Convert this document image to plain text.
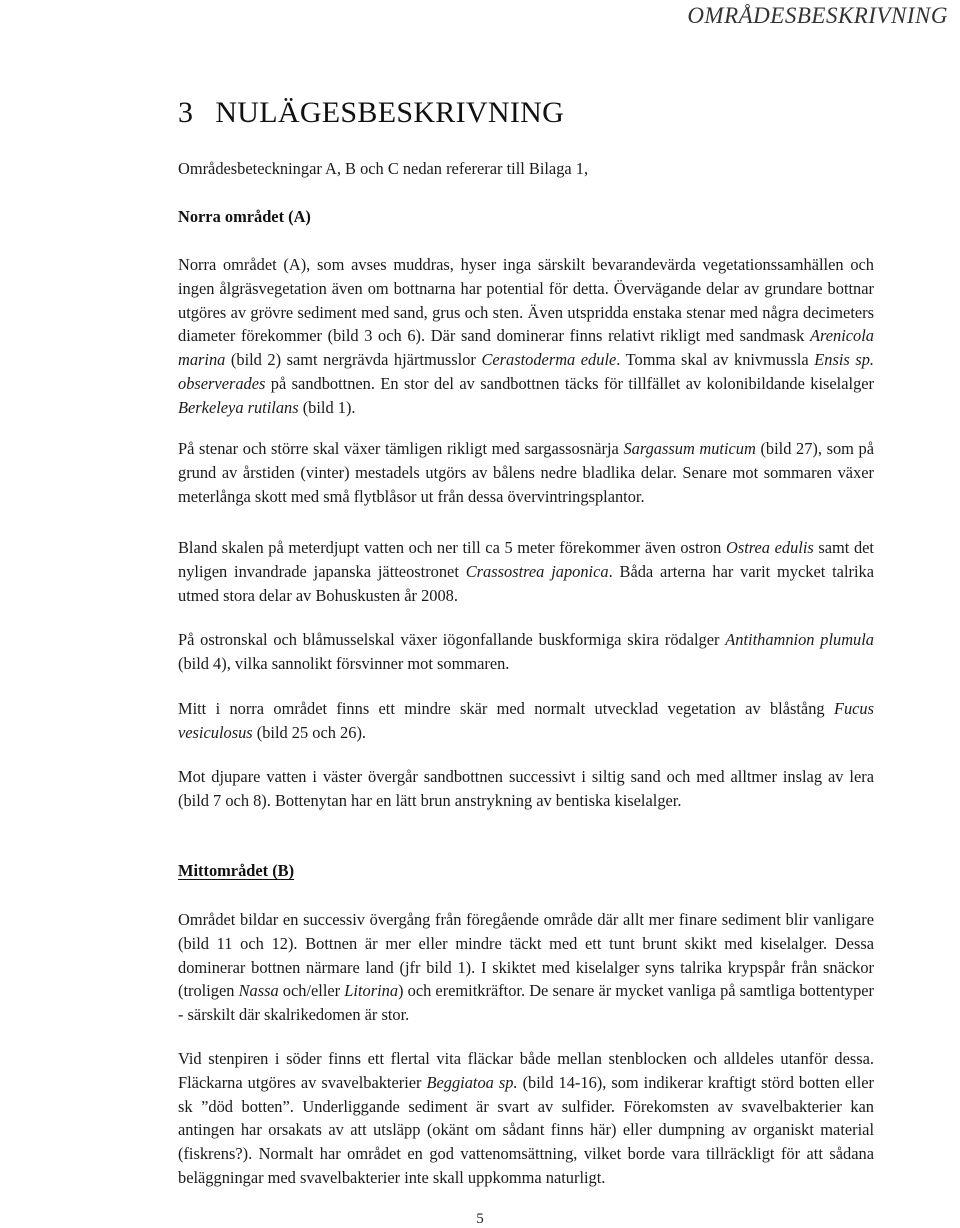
OMRÅDESBESKRIVNING
3 NULÄGESBESKRIVNING

Områdesbeteckningar A, B och C nedan refererar till Bilaga 1,

Norra området (A)

Norra området (A), som avses muddras, hyser inga särskilt bevarandevärda vegetationssamhällen och ingen ålgräsvegetation även om bottnarna har potential för detta. Övervägande delar av grundare bottnar utgöres av grövre sediment med sand, grus och sten. Även utspridda enstaka stenar med några decimeters diameter förekommer (bild 3 och 6). Där sand dominerar finns relativt rikligt med sandmask Arenicola marina (bild 2) samt nergrävda hjärtmusslor Cerastoderma edule. Tomma skal av knivmussla Ensis sp. observerades på sandbottnen. En stor del av sandbottnen täcks för tillfället av kolonibildande kiselalger Berkeleya rutilans (bild 1).

På stenar och större skal växer tämligen rikligt med sargassosnärja Sargassum muticum (bild 27), som på grund av årstiden (vinter) mestadels utgörs av bålens nedre bladlika delar. Senare mot sommaren växer meterlånga skott med små flytblåsor ut från dessa övervintringsplantor.

Bland skalen på meterdjupt vatten och ner till ca 5 meter förekommer även ostron Ostrea edulis samt det nyligen invandrade japanska jätteostronet Crassostrea japonica. Båda arterna har varit mycket talrika utmed stora delar av Bohuskusten år 2008.

På ostronskal och blåmusselskal växer iögonfallande buskformiga skira rödalger Antithamnion plumula (bild 4), vilka sannolikt försvinner mot sommaren.

Mitt i norra området finns ett mindre skär med normalt utvecklad vegetation av blåstång Fucus vesiculosus (bild 25 och 26).

Mot djupare vatten i väster övergår sandbottnen successivt i siltig sand och med alltmer inslag av lera (bild 7 och 8). Bottenytan har en lätt brun anstrykning av bentiska kiselalger.

Mittområdet (B)

Området bildar en successiv övergång från föregående område där allt mer finare sediment blir vanligare (bild 11 och 12). Bottnen är mer eller mindre täckt med ett tunt brunt skikt med kiselalger. Dessa dominerar bottnen närmare land (jfr bild 1). I skiktet med kiselalger syns talrika krypspår från snäckor (troligen Nassa och/eller Litorina) och eremitkräftor. De senare är mycket vanliga på samtliga bottentyper - särskilt där skalrikedomen är stor.

Vid stenpiren i söder finns ett flertal vita fläckar både mellan stenblocken och alldeles utanför dessa. Fläckarna utgöres av svavelbakterier Beggiatoa sp. (bild 14-16), som indikerar kraftigt störd botten eller sk ”död botten”. Underliggande sediment är svart av sulfider. Förekomsten av svavelbakterier kan antingen har orsakats av att utsläpp (okänt om sådant finns här) eller dumpning av organiskt material (fiskrens?). Normalt har området en god vattenomsättning, vilket borde vara tillräckligt för att sådana beläggningar med svavelbakterier inte skall uppkomma naturligt.

5
